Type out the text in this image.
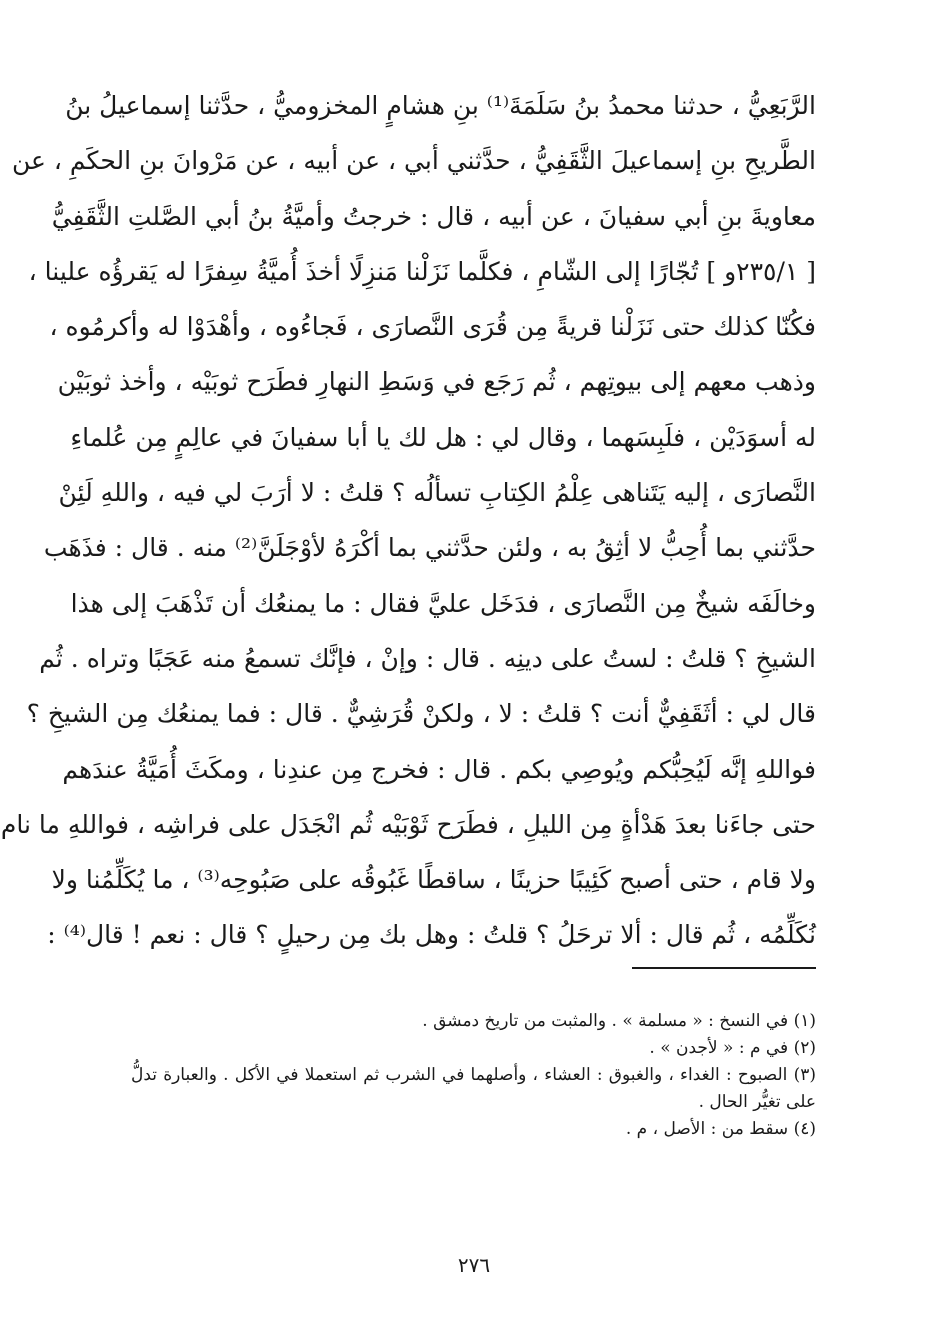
الرَّبَعِيُّ ، حدثنا محمدُ بنُ سَلَمَةَ⁽¹⁾ بنِ هشامٍ المخزوميُّ ، حدَّثنا إسماعيلُ بنُ
الطَّريحِ بنِ إسماعيلَ الثَّقَفِيُّ ، حدَّثني أبي ، عن أبيه ، عن مَرْوانَ بنِ الحكَمِ ، عن
معاويةَ بنِ أبي سفيانَ ، عن أبيه ، قال : خرجتُ وأميَّةُ بنُ أبي الصَّلتِ الثَّقَفِيُّ
[ ٢٣٥/١و ] تُجّارًا إلى الشّامِ ، فكلَّما نَزَلْنا مَنزِلًا أخذَ أُميَّةُ سِفرًا له يَقرؤُه علينا ،
فكُنّا كذلك حتى نَزَلْنا قريةً مِن قُرَى النَّصارَى ، فَجاءُوه ، وأهْدَوْا له وأكرمُوه ،
وذهب معهم إلى بيوتِهم ، ثُم رَجَع في وَسَطِ النهارِ فطَرَح ثوبَيْه ، وأخذ ثوبَيْن
له أسوَدَيْن ، فلَبِسَهما ، وقال لي : هل لك يا أبا سفيانَ في عالِمٍ مِن عُلماءِ
النَّصارَى ، إليه يَتَناهى عِلْمُ الكِتابِ تسألُه ؟ قلتُ : لا أرَبَ لي فيه ، واللهِ لَئِنْ
حدَّثني بما أُحِبُّ لا أثِقُ به ، ولئن حدَّثني بما أكْرَهُ لأوْجَلَنَّ⁽²⁾ منه . قال : فذَهَب
وخالَفَه شيخٌ مِن النَّصارَى ، فدَخَل عليَّ فقال : ما يمنعُك أن تَذْهَبَ إلى هذا
الشيخِ ؟ قلتُ : لستُ على دينِه . قال : وإنْ ، فإنَّك تسمعُ منه عَجَبًا وتراه . ثُم
قال لي : أثَقَفِيٌّ أنت ؟ قلتُ : لا ، ولكنْ قُرَشِيٌّ . قال : فما يمنعُك مِن الشيخِ ؟
فواللهِ إنَّه لَيُحِبُّكم ويُوصِي بكم . قال : فخرج مِن عندِنا ، ومكَثَ أُمَيَّةُ عندَهم
حتى جاءَنا بعدَ هَدْأةٍ مِن الليلِ ، فطَرَح ثَوْبَيْه ثُم انْجَدَل على فراشِه ، فواللهِ ما نام
ولا قام ، حتى أصبح كَئِيبًا حزينًا ، ساقطًا غَبُوقُه على صَبُوحِه⁽³⁾ ، ما يُكَلِّمُنا ولا
نُكَلِّمُه ، ثُم قال : ألا ترحَلُ ؟ قلتُ : وهل بك مِن رحيلٍ ؟ قال : نعم ! قال⁽⁴⁾ :
(١) في النسخ : « مسلمة » . والمثبت من تاريخ دمشق .
(٢) في م : « لأجدن » .
(٣) الصبوح : الغداء ، والغبوق : العشاء ، وأصلهما في الشرب ثم استعملا في الأكل . والعبارة تدلُّ
على تغيُّر الحال .
(٤) سقط من : الأصل ، م .
٢٧٦
